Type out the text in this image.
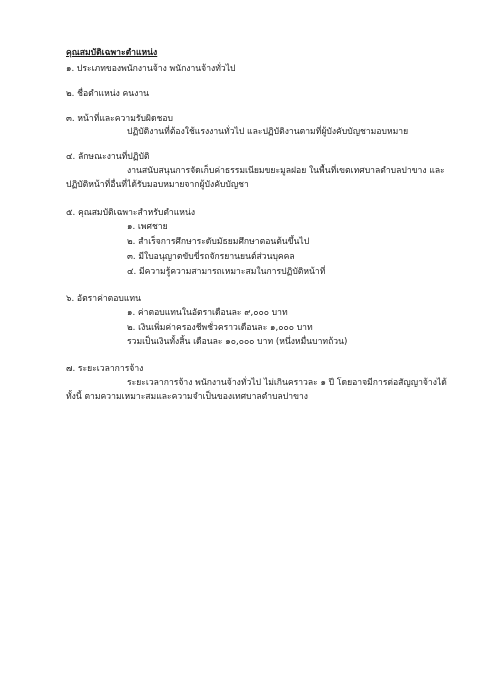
คุณสมบัติเฉพาะตำแหน่ง
๑. ประเภทของพนักงานจ้าง พนักงานจ้างทั่วไป
๒. ชื่อตำแหน่ง คนงาน
๓. หน้าที่และความรับผิดชอบ
ปฏิบัติงานที่ต้องใช้แรงงานทั่วไป และปฏิบัติงานตามที่ผู้บังคับบัญชามอบหมาย
๔. ลักษณะงานที่ปฏิบัติ
งานสนับสนุนการจัดเก็บค่าธรรมเนียมขยะมูลฝอย ในพื้นที่เขตเทศบาลตำบลปาขาง และ
ปฏิบัติหน้าที่อื่นที่ได้รับมอบหมายจากผู้บังคับบัญชา
๕. คุณสมบัติเฉพาะสำหรับตำแหน่ง
๑. เพศชาย
๒. สำเร็จการศึกษาระดับมัธยมศึกษาตอนต้นขึ้นไป
๓. มีใบอนุญาตขับขี่รถจักรยานยนต์ส่วนบุคคล
๔. มีความรู้ความสามารถเหมาะสมในการปฏิบัติหน้าที่
๖. อัตราค่าตอบแทน
๑. ค่าตอบแทนในอัตราเดือนละ ๙,๐๐๐ บาท
๒. เงินเพิ่มค่าครองชีพชั่วคราวเดือนละ ๑,๐๐๐ บาท
รวมเป็นเงินทั้งสิ้น เดือนละ ๑๐,๐๐๐ บาท (หนึ่งหมื่นบาทถ้วน)
๗. ระยะเวลาการจ้าง
ระยะเวลาการจ้าง พนักงานจ้างทั่วไป ไม่เกินคราวละ ๑ ปี โดยอาจมีการต่อสัญญาจ้างได้
ทั้งนี้ ตามความเหมาะสมและความจำเป็นของเทศบาลตำบลปาขาง
